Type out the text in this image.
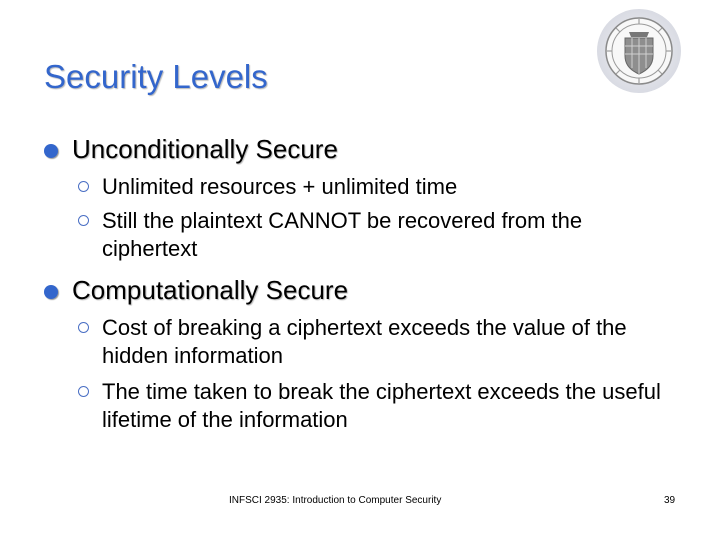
Security Levels
Unconditionally Secure
Unlimited resources + unlimited time
Still the plaintext CANNOT be recovered from the ciphertext
Computationally Secure
Cost of breaking a ciphertext exceeds the value of the hidden information
The time taken to break the ciphertext exceeds the useful lifetime of the information
INFSCI 2935: Introduction to Computer Security	39
